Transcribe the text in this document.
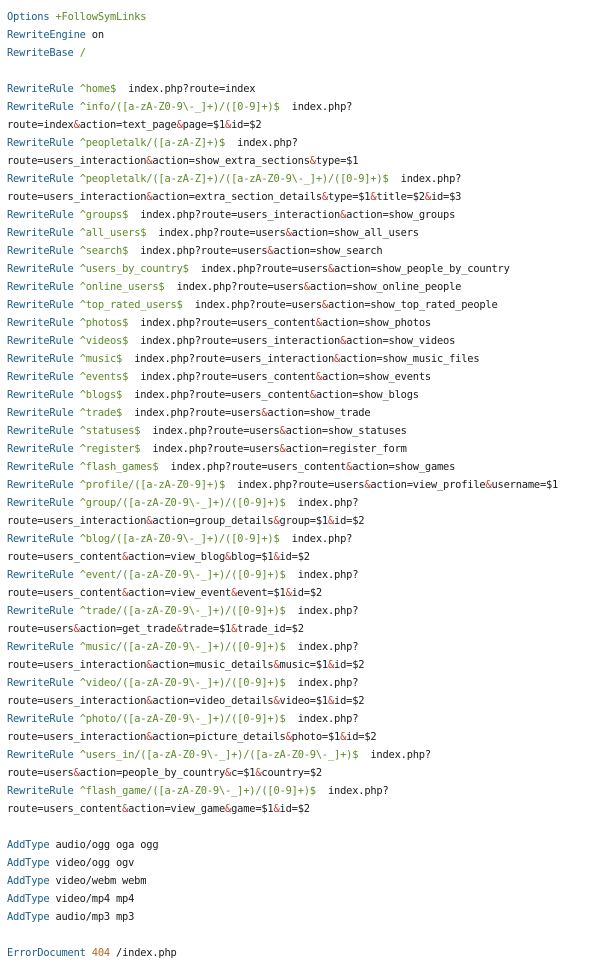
Options +FollowSymLinks
RewriteEngine on
RewriteBase /

RewriteRule ^home$  index.php?route=index
RewriteRule ^info/([a-zA-Z0-9\-_]+)/([0-9]+)$  index.php?
route=index&action=text_page&page=$1&id=$2
RewriteRule ^peopletalk/([a-zA-Z]+)$  index.php?
route=users_interaction&action=show_extra_sections&type=$1
RewriteRule ^peopletalk/([a-zA-Z]+)/([a-zA-Z0-9\-_]+)/([0-9]+)$  index.php?
route=users_interaction&action=extra_section_details&type=$1&title=$2&id=$3
RewriteRule ^groups$  index.php?route=users_interaction&action=show_groups
RewriteRule ^all_users$  index.php?route=users&action=show_all_users
RewriteRule ^search$  index.php?route=users&action=show_search
RewriteRule ^users_by_country$  index.php?route=users&action=show_people_by_country
RewriteRule ^online_users$  index.php?route=users&action=show_online_people
RewriteRule ^top_rated_users$  index.php?route=users&action=show_top_rated_people
RewriteRule ^photos$  index.php?route=users_content&action=show_photos
RewriteRule ^videos$  index.php?route=users_interaction&action=show_videos
RewriteRule ^music$  index.php?route=users_interaction&action=show_music_files
RewriteRule ^events$  index.php?route=users_content&action=show_events
RewriteRule ^blogs$  index.php?route=users_content&action=show_blogs
RewriteRule ^trade$  index.php?route=users&action=show_trade
RewriteRule ^statuses$  index.php?route=users&action=show_statuses
RewriteRule ^register$  index.php?route=users&action=register_form
RewriteRule ^flash_games$  index.php?route=users_content&action=show_games
RewriteRule ^profile/([a-zA-Z0-9]+)$  index.php?route=users&action=view_profile&username=$1
RewriteRule ^group/([a-zA-Z0-9\-_]+)/([0-9]+)$  index.php?
route=users_interaction&action=group_details&group=$1&id=$2
RewriteRule ^blog/([a-zA-Z0-9\-_]+)/([0-9]+)$  index.php?
route=users_content&action=view_blog&blog=$1&id=$2
RewriteRule ^event/([a-zA-Z0-9\-_]+)/([0-9]+)$  index.php?
route=users_content&action=view_event&event=$1&id=$2
RewriteRule ^trade/([a-zA-Z0-9\-_]+)/([0-9]+)$  index.php?
route=users&action=get_trade&trade=$1&trade_id=$2
RewriteRule ^music/([a-zA-Z0-9\-_]+)/([0-9]+)$  index.php?
route=users_interaction&action=music_details&music=$1&id=$2
RewriteRule ^video/([a-zA-Z0-9\-_]+)/([0-9]+)$  index.php?
route=users_interaction&action=video_details&video=$1&id=$2
RewriteRule ^photo/([a-zA-Z0-9\-_]+)/([0-9]+)$  index.php?
route=users_interaction&action=picture_details&photo=$1&id=$2
RewriteRule ^users_in/([a-zA-Z0-9\-_]+)/([a-zA-Z0-9\-_]+)$  index.php?
route=users&action=people_by_country&c=$1&country=$2
RewriteRule ^flash_game/([a-zA-Z0-9\-_]+)/([0-9]+)$  index.php?
route=users_content&action=view_game&game=$1&id=$2

AddType audio/ogg oga ogg
AddType video/ogg ogv
AddType video/webm webm
AddType video/mp4 mp4
AddType audio/mp3 mp3

ErrorDocument 404 /index.php
